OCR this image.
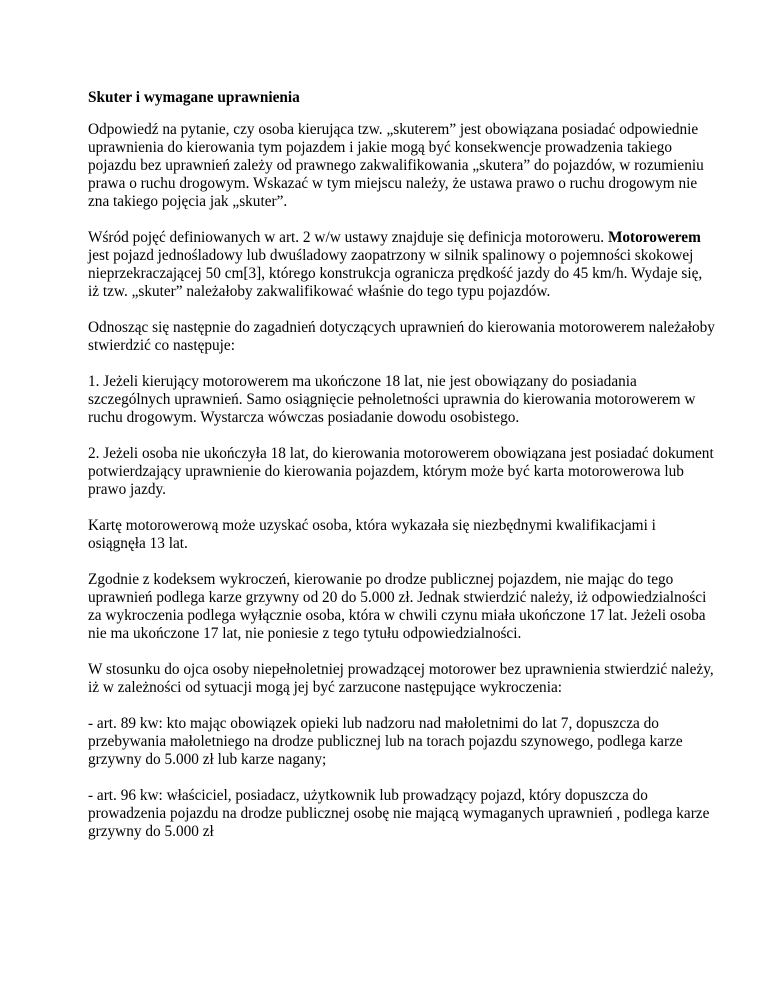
Skuter i wymagane uprawnienia

Odpowiedź na pytanie, czy osoba kierująca tzw. „skuterem” jest obowiązana posiadać odpowiednie uprawnienia do kierowania tym pojazdem i jakie mogą być konsekwencje prowadzenia takiego pojazdu bez uprawnień zależy od prawnego zakwalifikowania „skutera” do pojazdów, w rozumieniu prawa o ruchu drogowym. Wskazać w tym miejscu należy, że ustawa prawo o ruchu drogowym nie zna takiego pojęcia jak „skuter”.

Wśród pojęć definiowanych w art. 2 w/w ustawy znajduje się definicja motoroweru. Motorowerem jest pojazd jednośladowy lub dwuśladowy zaopatrzony w silnik spalinowy o pojemności skokowej nieprzekraczającej 50 cm[3], którego konstrukcja ogranicza prędkość jazdy do 45 km/h. Wydaje się, iż tzw. „skuter” należałoby zakwalifikować właśnie do tego typu pojazdów.

Odnosząc się następnie do zagadnień dotyczących uprawnień do kierowania motorowerem należałoby stwierdzić co następuje:

1. Jeżeli kierujący motorowerem ma ukończone 18 lat, nie jest obowiązany do posiadania szczególnych uprawnień. Samo osiągnięcie pełnoletności uprawnia do kierowania motorowerem w ruchu drogowym. Wystarcza wówczas posiadanie dowodu osobistego.

2. Jeżeli osoba nie ukończyła 18 lat, do kierowania motorowerem obowiązana jest posiadać dokument potwierdzający uprawnienie do kierowania pojazdem, którym może być karta motorowerowa lub prawo jazdy.

Kartę motorowerową może uzyskać osoba, która wykazała się niezbędnymi kwalifikacjami i osiągnęła 13 lat.

Zgodnie z kodeksem wykroczeń, kierowanie po drodze publicznej pojazdem, nie mając do tego uprawnień podlega karze grzywny od 20 do 5.000 zł. Jednak stwierdzić należy, iż odpowiedzialności za wykroczenia podlega wyłącznie osoba, która w chwili czynu miała ukończone 17 lat. Jeżeli osoba nie ma ukończone 17 lat, nie poniesie z tego tytułu odpowiedzialności.

W stosunku do ojca osoby niepełnoletniej prowadzącej motorower bez uprawnienia stwierdzić należy, iż w zależności od sytuacji mogą jej być zarzucone następujące wykroczenia:

- art. 89 kw: kto mając obowiązek opieki lub nadzoru nad małoletnimi do lat 7, dopuszcza do przebywania małoletniego na drodze publicznej lub na torach pojazdu szynowego, podlega karze grzywny do 5.000 zł lub karze nagany;

- art. 96 kw: właściciel, posiadacz, użytkownik lub prowadzący pojazd, który dopuszcza do prowadzenia pojazdu na drodze publicznej osobę nie mającą wymaganych uprawnień , podlega karze grzywny do 5.000 zł
